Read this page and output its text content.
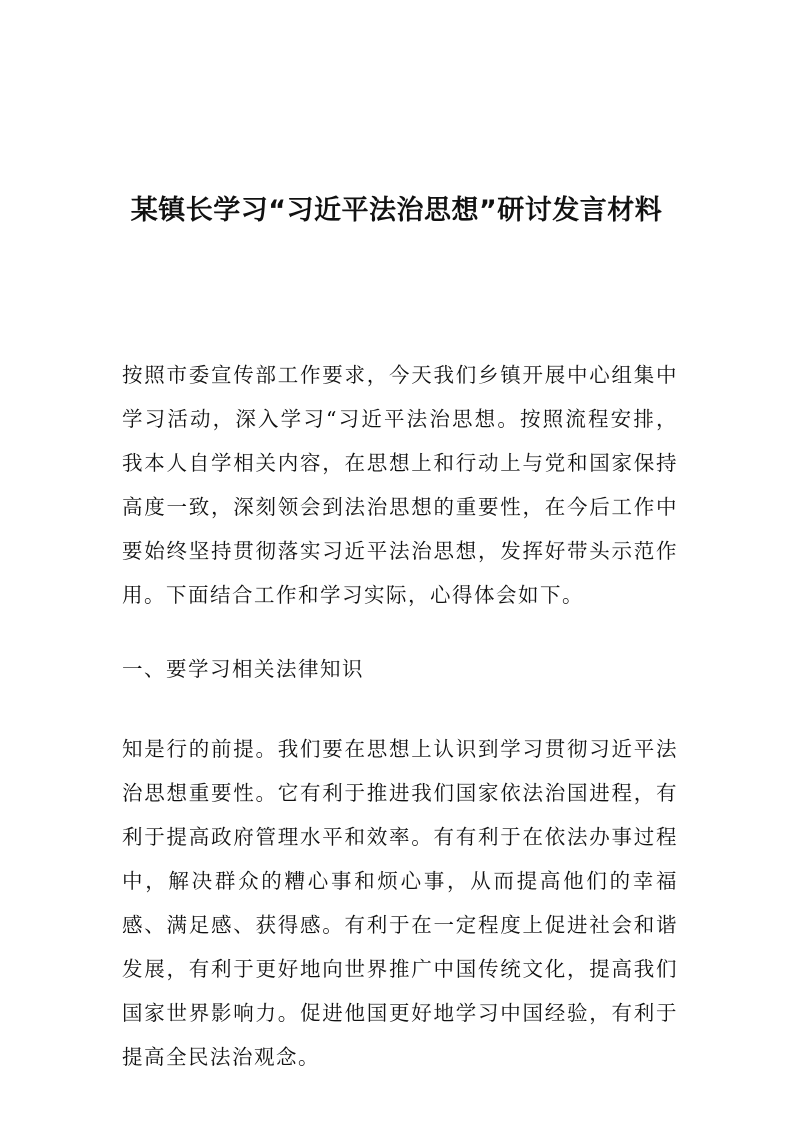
某镇长学习“习近平法治思想”研讨发言材料

按照市委宣传部工作要求，今天我们乡镇开展中心组集中学习活动，深入学习“习近平法治思想。按照流程安排，我本人自学相关内容，在思想上和行动上与党和国家保持高度一致，深刻领会到法治思想的重要性，在今后工作中要始终坚持贯彻落实习近平法治思想，发挥好带头示范作用。下面结合工作和学习实际，心得体会如下。

一、要学习相关法律知识

知是行的前提。我们要在思想上认识到学习贯彻习近平法治思想重要性。它有利于推进我们国家依法治国进程，有利于提高政府管理水平和效率。有有利于在依法办事过程中，解决群众的糟心事和烦心事，从而提高他们的幸福感、满足感、获得感。有利于在一定程度上促进社会和谐发展，有利于更好地向世界推广中国传统文化，提高我们国家世界影响力。促进他国更好地学习中国经验，有利于提高全民法治观念。
